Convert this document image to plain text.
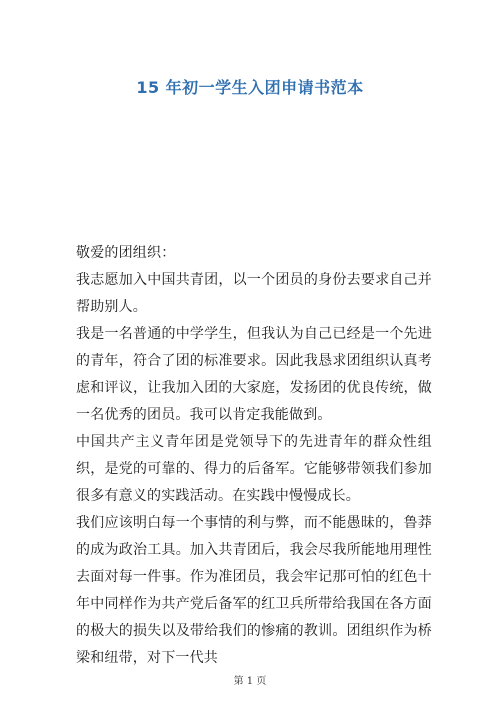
15 年初一学生入团申请书范本

敬爱的团组织：

我志愿加入中国共青团，以一个团员的身份去要求自己并帮助别人。

我是一名普通的中学学生，但我认为自己已经是一个先进的青年，符合了团的标准要求。因此我恳求团组织认真考虑和评议，让我加入团的大家庭，发扬团的优良传统，做一名优秀的团员。我可以肯定我能做到。

中国共产主义青年团是党领导下的先进青年的群众性组织，是党的可靠的、得力的后备军。它能够带领我们参加很多有意义的实践活动。在实践中慢慢成长。

我们应该明白每一个事情的利与弊，而不能愚昧的，鲁莽的成为政治工具。加入共青团后，我会尽我所能地用理性去面对每一件事。作为准团员，我会牢记那可怕的红色十年中同样作为共产党后备军的红卫兵所带给我国在各方面的极大的损失以及带给我们的惨痛的教训。团组织作为桥梁和纽带，对下一代共

第 1 页
